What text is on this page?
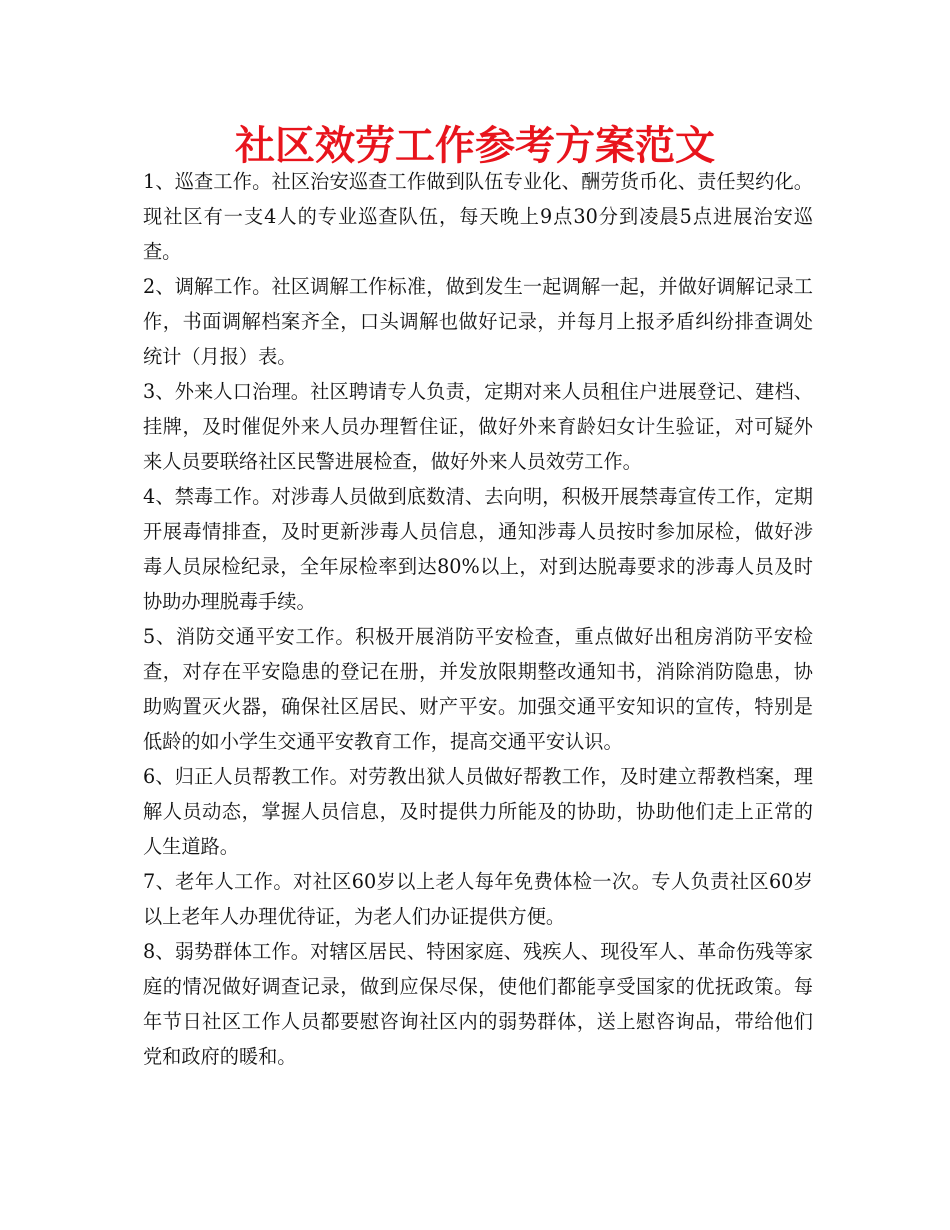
社区效劳工作参考方案范文

1、巡查工作。社区治安巡查工作做到队伍专业化、酬劳货币化、责任契约化。现社区有一支4人的专业巡查队伍，每天晚上9点30分到凌晨5点进展治安巡查。

2、调解工作。社区调解工作标准，做到发生一起调解一起，并做好调解记录工作，书面调解档案齐全，口头调解也做好记录，并每月上报矛盾纠纷排查调处统计（月报）表。

3、外来人口治理。社区聘请专人负责，定期对来人员租住户进展登记、建档、挂牌，及时催促外来人员办理暂住证，做好外来育龄妇女计生验证，对可疑外来人员要联络社区民警进展检查，做好外来人员效劳工作。

4、禁毒工作。对涉毒人员做到底数清、去向明，积极开展禁毒宣传工作，定期开展毒情排查，及时更新涉毒人员信息，通知涉毒人员按时参加尿检，做好涉毒人员尿检纪录，全年尿检率到达80%以上，对到达脱毒要求的涉毒人员及时协助办理脱毒手续。

5、消防交通平安工作。积极开展消防平安检查，重点做好出租房消防平安检查，对存在平安隐患的登记在册，并发放限期整改通知书，消除消防隐患，协助购置灭火器，确保社区居民、财产平安。加强交通平安知识的宣传，特别是低龄的如小学生交通平安教育工作，提高交通平安认识。

6、归正人员帮教工作。对劳教出狱人员做好帮教工作，及时建立帮教档案，理解人员动态，掌握人员信息，及时提供力所能及的协助，协助他们走上正常的人生道路。

7、老年人工作。对社区60岁以上老人每年免费体检一次。专人负责社区60岁以上老年人办理优待证，为老人们办证提供方便。

8、弱势群体工作。对辖区居民、特困家庭、残疾人、现役军人、革命伤残等家庭的情况做好调查记录，做到应保尽保，使他们都能享受国家的优抚政策。每年节日社区工作人员都要慰咨询社区内的弱势群体，送上慰咨询品，带给他们党和政府的暖和。
